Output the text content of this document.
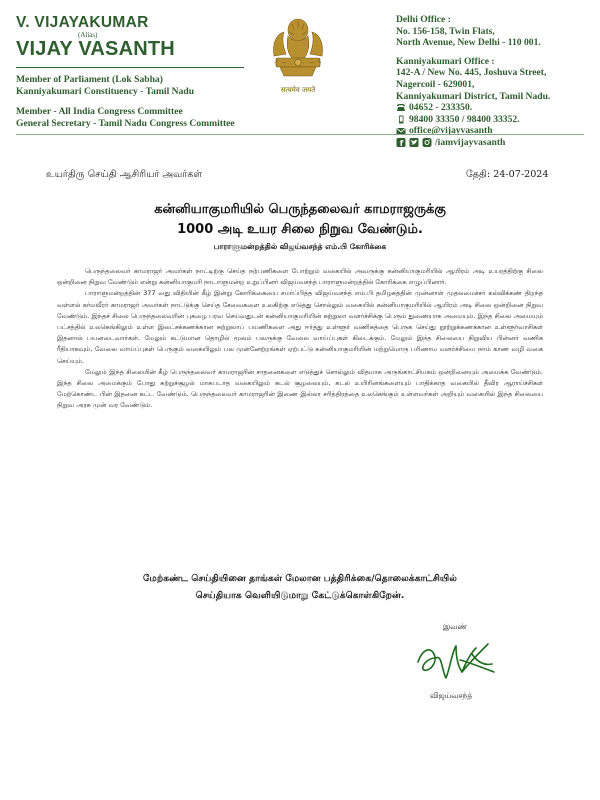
V. VIJAYAKUMAR
(Alias)
VIJAY VASANTH
Member of Parliament (Lok Sabha)
Kanniyakumari Constituency - Tamil Nadu
Member - All India Congress Committee
General Secretary - Tamil Nadu Congress Committee
सत्यमेव जयते
Delhi Office :
No. 156-158, Twin Flats,
North Avenue, New Delhi - 110 001.
Kanniyakumari Office :
142-A / New No. 445, Joshuva Street,
Nagercoil - 629001,
Kanniyakumari District, Tamil Nadu.
04652 - 233350.
98400 33350 / 98400 33352.
office@vijayvasanth
f	/iamvijayvasanth
உயர்திரு செய்தி ஆசிரியர் அவர்கள்	தேதி: 24-07-2024
கன்னியாகுமரியில் பெருந்தலைவர் காமராஜருக்கு
1000 அடி உயர சிலை நிறுவ வேண்டும்.
பாராளுமன்றத்தில் விஜய்வசந்த் எம்.பி கோரிக்கை

பெருந்தலைவர் காமராஜர் அவர்கள் நாட்டிற்கு செய்த நற்பணிகளை போற்றும் வகையில் அவருக்கு கன்னியாகுமரியில் ஆயிரம் அடி உயரத்திற்கு சிலை ஒன்றினை நிறுவ வேண்டும் என்று கன்னியாகுமரி நாடாளுமன்ற உறுப்பினர் விஜய்வசந்த் பாராளுமன்றத்தில் கோரிக்கை எழுப்பினார்.

பாராளுமன்றத்தின் 377 வது விதியின் கீழ் இன்று கோரிக்கையை சமர்ப்பித்த விஜய்வசந்த் எம்.பி தமிழகத்தின் முன்னாள் முதலமைச்சர் கல்விக்கண் திறந்த வள்ளல் கர்மவீரர் காமராஜர் அவர்கள் நாட்டுக்கு செய்த சேவைகளை உலகிற்கு எடுத்து சொல்லும் வகையில் கன்னியாகுமரியில் ஆயிரம் அடி சிலை ஒன்றினை நிறுவ வேண்டும். இந்தச் சிலை பெருந்தலைவரின் புகழை பரவ செய்வதுடன் கன்னியாகுமரியின் சுற்றுலா வளர்ச்சிக்கு பெரும் துணையாக அமையும். இந்த சிலை அமையும் பட்சத்தில் உலகெங்கிலும் உள்ள இலட்சக்கணக்கான சுற்றுலாப் பயணிகளை அது ஈர்த்து உள்ளூர் வணிகத்தை பெருக செய்து நூற்றுக்கணக்கான உள்ளூர்வாசிகள் இதனால் பயனடைவார்கள். மேலும் கட்டுமான தொழில் மூலம் பலருக்கு வேலை வாய்ப்புகள் கிடைக்கும். மேலும் இந்த சிலையை நிறுவிய பின்னர் வணிக ரீதியாகவும், வேலை வாய்ப்புகள் பெருகும் வகையிலும் பல முன்னேற்றங்கள் ஏற்பட்டு கன்னியாகுமரியின் மற்றுமொரு பரிணாம வளர்ச்சியை நாம் காண வழி வகை செய்யும்.

மேலும் இந்த சிலையின் கீழ் பெருந்தலைவர் காமராஜரின் சாதனைகளை எடுத்துச் சொல்லும் விதமாக அருங்காட்சியகம் ஒன்றினையும் அமைக்க வேண்டும். இந்த சிலை அமைக்கும் போது சுற்றுச்சூழல் மாசுபடாத வகையிலும் கடல் சூழலையும், கடல் உயிரினங்களையும் பாதிக்காத வகையில் தீவிர ஆராய்ச்சிகள் மேற்கொண்ட பின் இதனை கட்ட வேண்டும். பெருந்தலைவர் காமராஜரின் இணை இல்லா சரித்திரத்தை உலகெங்கும் உள்ளவர்கள் அறியும் வகையில் இந்த சிலையை நிறுவ அரசு முன் வர வேண்டும்.

மேற்கண்ட செய்தியினை தாங்கள் மேலான பத்திரிக்கை/தொலைக்காட்சியில்
செய்தியாக வெளியிடுமாறு கேட்டுக்கொள்கிறேன்.
இவண்
விஜய்வசந்த்
